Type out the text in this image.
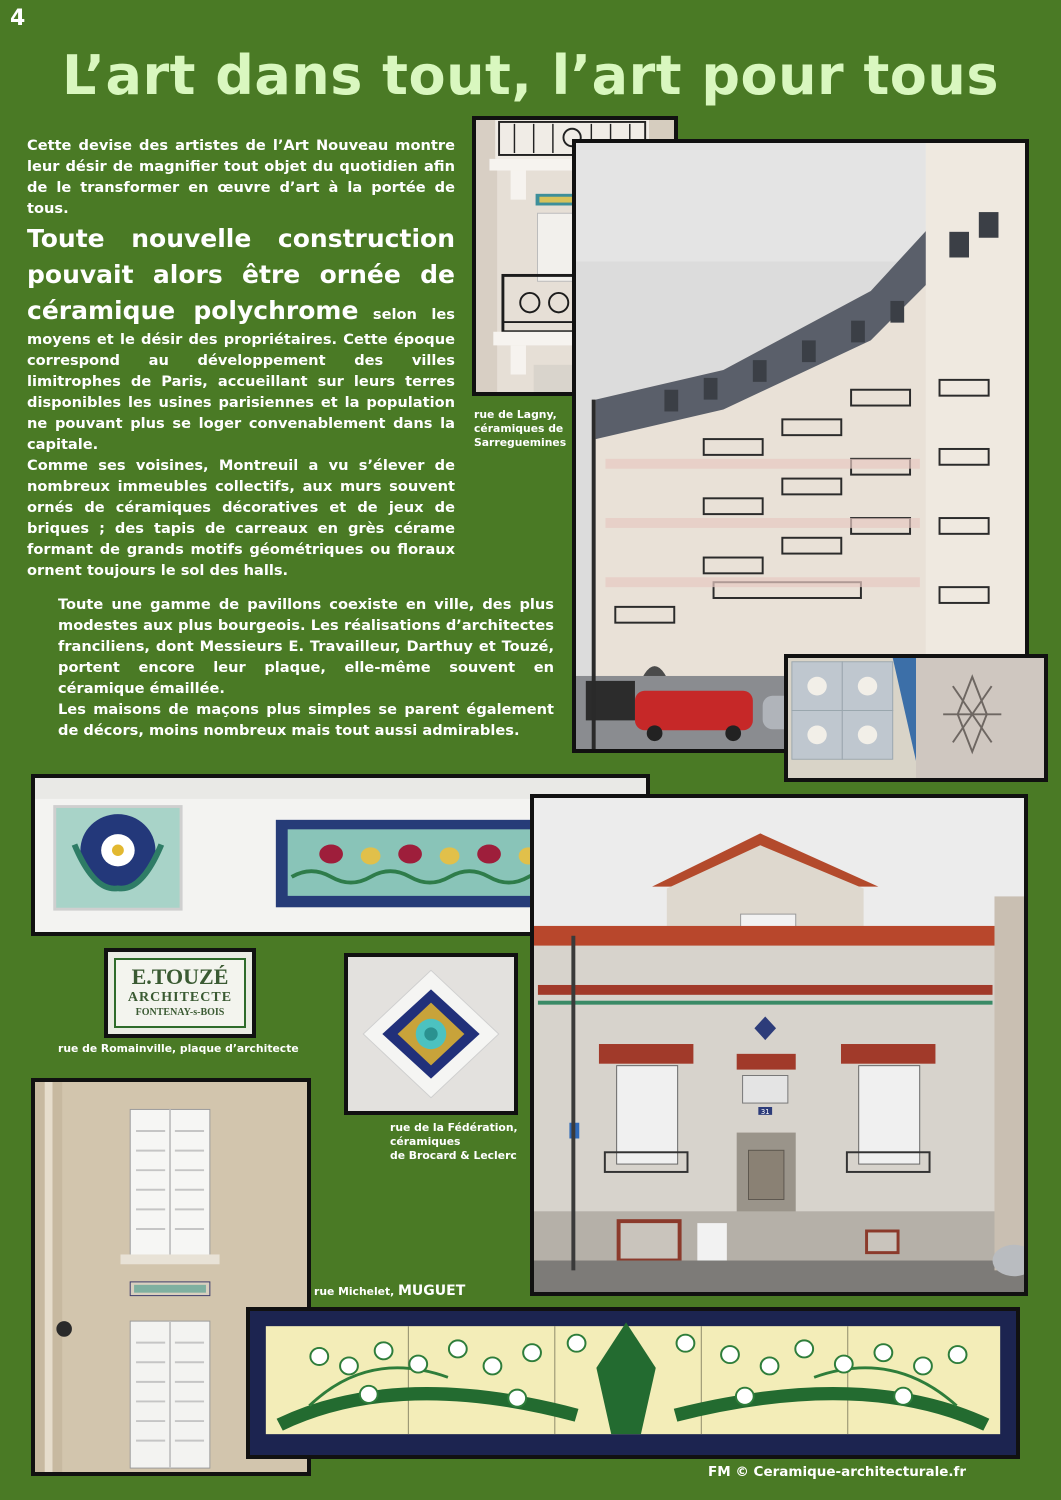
4
L’art dans tout, l’art pour tous
Cette devise des artistes de l’Art Nouveau montre leur désir de magnifier tout objet du quotidien afin de le transformer en œuvre d’art à la portée de tous.
Toute nouvelle construction pouvait alors être ornée de céramique polychrome selon les moyens et le désir des propriétaires. Cette époque correspond au développement des villes limitrophes de Paris, accueillant sur leurs terres disponibles les usines parisiennes et la population ne pouvant plus se loger convenablement dans la capitale.
Comme ses voisines, Montreuil a vu s’élever de nombreux immeubles collectifs, aux murs souvent ornés de céramiques décoratives et de jeux de briques ; des tapis de carreaux en grès cérame formant de grands motifs géométriques ou floraux ornent toujours le sol des halls.
Toute une gamme de pavillons coexiste en ville, des plus modestes aux plus bourgeois. Les réalisations d’architectes franciliens, dont Messieurs E. Travailleur, Darthuy et Touzé, portent encore leur plaque, elle-même souvent en céramique émaillée.
Les maisons de maçons plus simples se parent également de décors, moins nombreux mais tout aussi admirables.
rue de Lagny,
céramiques de
Sarreguemines
E.TOUZÉ
ARCHITECTE
FONTENAY-s-BOIS
rue de Romainville, plaque d’architecte
rue de la Fédération,
céramiques
de Brocard & Leclerc
31
rue Michelet, MUGUET
FM © Ceramique-architecturale.fr
